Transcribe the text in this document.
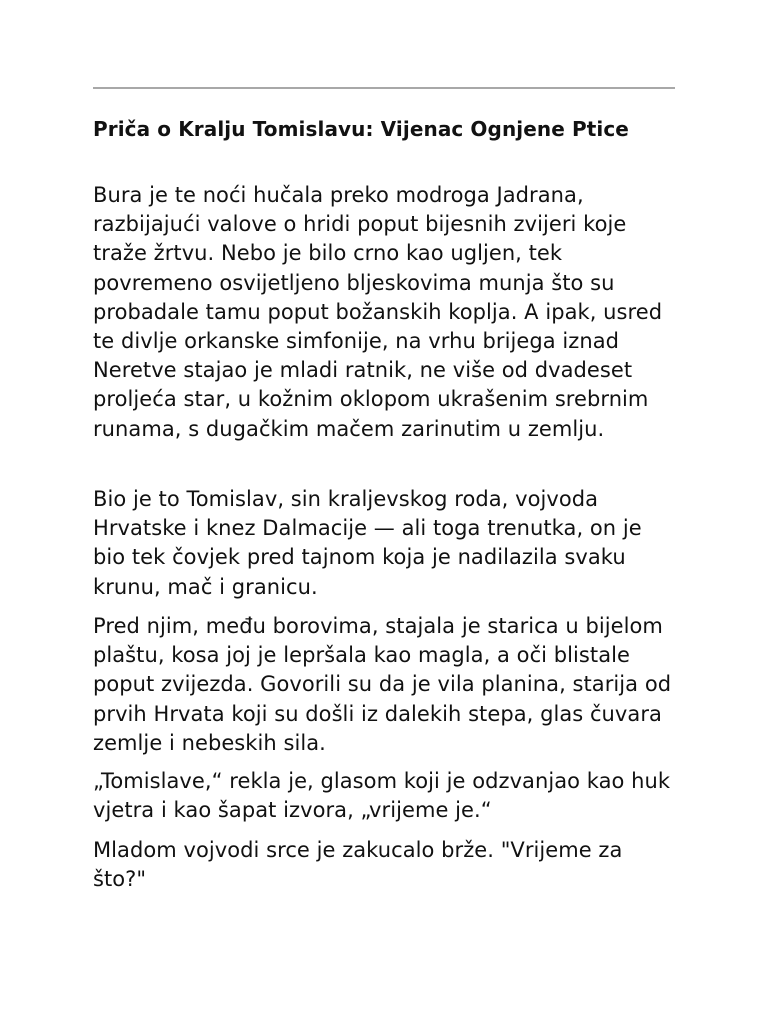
Priča o Kralju Tomislavu: Vijenac Ognjene Ptice

Bura je te noći hučala preko modroga Jadrana, razbijajući valove o hridi poput bijesnih zvijeri koje traže žrtvu. Nebo je bilo crno kao ugljen, tek povremeno osvijetljeno bljeskovima munja što su probadale tamu poput božanskih koplja. A ipak, usred te divlje orkanske simfonije, na vrhu brijega iznad Neretve stajao je mladi ratnik, ne više od dvadeset proljeća star, u kožnim oklopom ukrašenim srebrnim runama, s dugačkim mačem zarinutim u zemlju.

Bio je to Tomislav, sin kraljevskog roda, vojvoda Hrvatske i knez Dalmacije — ali toga trenutka, on je bio tek čovjek pred tajnom koja je nadilazila svaku krunu, mač i granicu.

Pred njim, među borovima, stajala je starica u bijelom plaštu, kosa joj je lepršala kao magla, a oči blistale poput zvijezda. Govorili su da je vila planina, starija od prvih Hrvata koji su došli iz dalekih stepa, glas čuvara zemlje i nebeskih sila.

„Tomislave,“ rekla je, glasom koji je odzvanjao kao huk vjetra i kao šapat izvora, „vrijeme je.“

Mladom vojvodi srce je zakucalo brže. "Vrijeme za što?"
